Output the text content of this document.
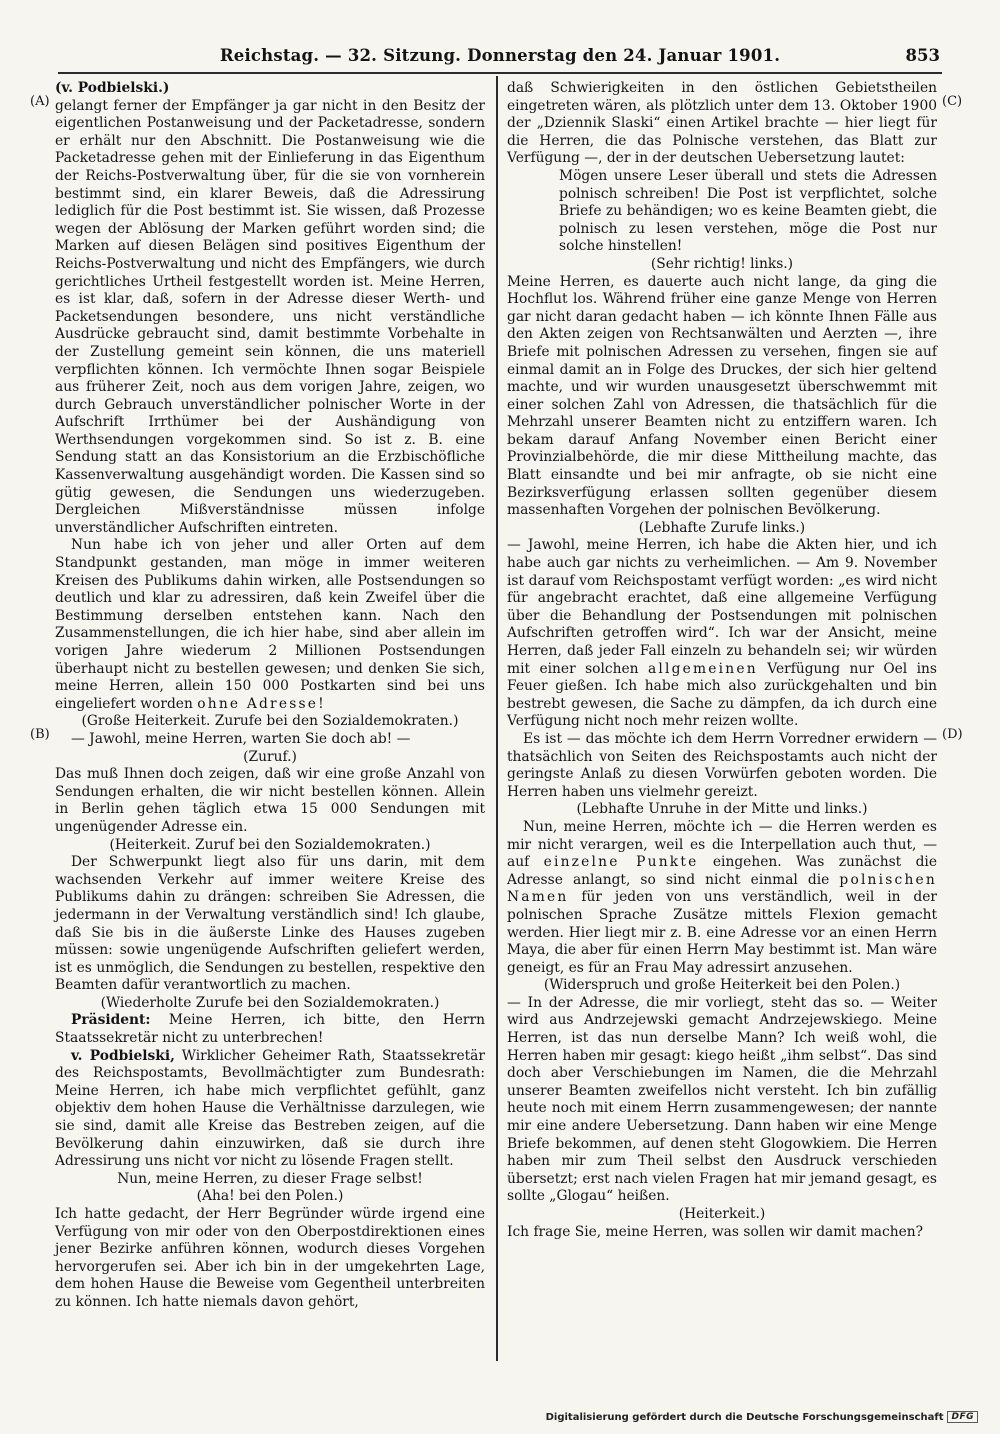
Reichstag. — 32. Sitzung. Donnerstag den 24. Januar 1901.	853
(A)
(B)
(C)
(D)
(v. Podbielski.)

gelangt ferner der Empfänger ja gar nicht in den Besitz der eigentlichen Postanweisung und der Packetadresse, sondern er erhält nur den Abschnitt. Die Postanweisung wie die Packetadresse gehen mit der Einlieferung in das Eigenthum der Reichs-Postverwaltung über, für die sie von vornherein bestimmt sind, ein klarer Beweis, daß die Adressirung lediglich für die Post bestimmt ist. Sie wissen, daß Prozesse wegen der Ablösung der Marken geführt worden sind; die Marken auf diesen Belägen sind positives Eigenthum der Reichs-Postverwaltung und nicht des Empfängers, wie durch gerichtliches Urtheil festgestellt worden ist. Meine Herren, es ist klar, daß, sofern in der Adresse dieser Werth- und Packetsendungen besondere, uns nicht verständliche Ausdrücke gebraucht sind, damit bestimmte Vorbehalte in der Zustellung gemeint sein können, die uns materiell verpflichten können. Ich vermöchte Ihnen sogar Beispiele aus früherer Zeit, noch aus dem vorigen Jahre, zeigen, wo durch Gebrauch unverständlicher polnischer Worte in der Aufschrift Irrthümer bei der Aushändigung von Werthsendungen vorgekommen sind. So ist z. B. eine Sendung statt an das Konsistorium an die Erzbischöfliche Kassenverwaltung ausgehändigt worden. Die Kassen sind so gütig gewesen, die Sendungen uns wiederzugeben. Dergleichen Mißverständnisse müssen infolge unverständlicher Aufschriften eintreten.

Nun habe ich von jeher und aller Orten auf dem Standpunkt gestanden, man möge in immer weiteren Kreisen des Publikums dahin wirken, alle Postsendungen so deutlich und klar zu adressiren, daß kein Zweifel über die Bestimmung derselben entstehen kann. Nach den Zusammenstellungen, die ich hier habe, sind aber allein im vorigen Jahre wiederum 2 Millionen Postsendungen überhaupt nicht zu bestellen gewesen; und denken Sie sich, meine Herren, allein 150 000 Postkarten sind bei uns eingeliefert worden ohne Adresse!

(Große Heiterkeit. Zurufe bei den Sozialdemokraten.)

— Jawohl, meine Herren, warten Sie doch ab! —

(Zuruf.)

Das muß Ihnen doch zeigen, daß wir eine große Anzahl von Sendungen erhalten, die wir nicht bestellen können. Allein in Berlin gehen täglich etwa 15 000 Sendungen mit ungenügender Adresse ein.

(Heiterkeit. Zuruf bei den Sozialdemokraten.)

Der Schwerpunkt liegt also für uns darin, mit dem wachsenden Verkehr auf immer weitere Kreise des Publikums dahin zu drängen: schreiben Sie Adressen, die jedermann in der Verwaltung verständlich sind! Ich glaube, daß Sie bis in die äußerste Linke des Hauses zugeben müssen: sowie ungenügende Aufschriften geliefert werden, ist es unmöglich, die Sendungen zu bestellen, respektive den Beamten dafür verantwortlich zu machen.

(Wiederholte Zurufe bei den Sozialdemokraten.)

Präsident: Meine Herren, ich bitte, den Herrn Staatssekretär nicht zu unterbrechen!

v. Podbielski, Wirklicher Geheimer Rath, Staatssekretär des Reichspostamts, Bevollmächtigter zum Bundesrath: Meine Herren, ich habe mich verpflichtet gefühlt, ganz objektiv dem hohen Hause die Verhältnisse darzulegen, wie sie sind, damit alle Kreise das Bestreben zeigen, auf die Bevölkerung dahin einzuwirken, daß sie durch ihre Adressirung uns nicht vor nicht zu lösende Fragen stellt.

Nun, meine Herren, zu dieser Frage selbst!

(Aha! bei den Polen.)

Ich hatte gedacht, der Herr Begründer würde irgend eine Verfügung von mir oder von den Oberpostdirektionen eines jener Bezirke anführen können, wodurch dieses Vorgehen hervorgerufen sei. Aber ich bin in der umgekehrten Lage, dem hohen Hause die Beweise vom Gegentheil unterbreiten zu können. Ich hatte niemals davon gehört,

daß Schwierigkeiten in den östlichen Gebietstheilen eingetreten wären, als plötzlich unter dem 13. Oktober 1900 der „Dziennik Slaski“ einen Artikel brachte — hier liegt für die Herren, die das Polnische verstehen, das Blatt zur Verfügung —, der in der deutschen Uebersetzung lautet:

Mögen unsere Leser überall und stets die Adressen polnisch schreiben! Die Post ist verpflichtet, solche Briefe zu behändigen; wo es keine Beamten giebt, die polnisch zu lesen verstehen, möge die Post nur solche hinstellen!

(Sehr richtig! links.)

Meine Herren, es dauerte auch nicht lange, da ging die Hochflut los. Während früher eine ganze Menge von Herren gar nicht daran gedacht haben — ich könnte Ihnen Fälle aus den Akten zeigen von Rechtsanwälten und Aerzten —, ihre Briefe mit polnischen Adressen zu versehen, fingen sie auf einmal damit an in Folge des Druckes, der sich hier geltend machte, und wir wurden unausgesetzt überschwemmt mit einer solchen Zahl von Adressen, die thatsächlich für die Mehrzahl unserer Beamten nicht zu entziffern waren. Ich bekam darauf Anfang November einen Bericht einer Provinzialbehörde, die mir diese Mittheilung machte, das Blatt einsandte und bei mir anfragte, ob sie nicht eine Bezirksverfügung erlassen sollten gegenüber diesem massenhaften Vorgehen der polnischen Bevölkerung.

(Lebhafte Zurufe links.)

— Jawohl, meine Herren, ich habe die Akten hier, und ich habe auch gar nichts zu verheimlichen. — Am 9. November ist darauf vom Reichspostamt verfügt worden: „es wird nicht für angebracht erachtet, daß eine allgemeine Verfügung über die Behandlung der Postsendungen mit polnischen Aufschriften getroffen wird“. Ich war der Ansicht, meine Herren, daß jeder Fall einzeln zu behandeln sei; wir würden mit einer solchen allgemeinen Verfügung nur Oel ins Feuer gießen. Ich habe mich also zurückgehalten und bin bestrebt gewesen, die Sache zu dämpfen, da ich durch eine Verfügung nicht noch mehr reizen wollte.

Es ist — das möchte ich dem Herrn Vorredner erwidern — thatsächlich von Seiten des Reichspostamts auch nicht der geringste Anlaß zu diesen Vorwürfen geboten worden. Die Herren haben uns vielmehr gereizt.

(Lebhafte Unruhe in der Mitte und links.)

Nun, meine Herren, möchte ich — die Herren werden es mir nicht verargen, weil es die Interpellation auch thut, — auf einzelne Punkte eingehen. Was zunächst die Adresse anlangt, so sind nicht einmal die polnischen Namen für jeden von uns verständlich, weil in der polnischen Sprache Zusätze mittels Flexion gemacht werden. Hier liegt mir z. B. eine Adresse vor an einen Herrn Maya, die aber für einen Herrn May bestimmt ist. Man wäre geneigt, es für an Frau May adressirt anzusehen.

(Widerspruch und große Heiterkeit bei den Polen.)

— In der Adresse, die mir vorliegt, steht das so. — Weiter wird aus Andrzejewski gemacht Andrzejewskiego. Meine Herren, ist das nun derselbe Mann? Ich weiß wohl, die Herren haben mir gesagt: kiego heißt „ihm selbst“. Das sind doch aber Verschiebungen im Namen, die die Mehrzahl unserer Beamten zweifellos nicht versteht. Ich bin zufällig heute noch mit einem Herrn zusammengewesen; der nannte mir eine andere Uebersetzung. Dann haben wir eine Menge Briefe bekommen, auf denen steht Glogowkiem. Die Herren haben mir zum Theil selbst den Ausdruck verschieden übersetzt; erst nach vielen Fragen hat mir jemand gesagt, es sollte „Glogau“ heißen.

(Heiterkeit.)

Ich frage Sie, meine Herren, was sollen wir damit machen?

Digitalisierung gefördert durch die Deutsche Forschungsgemeinschaft DFG
